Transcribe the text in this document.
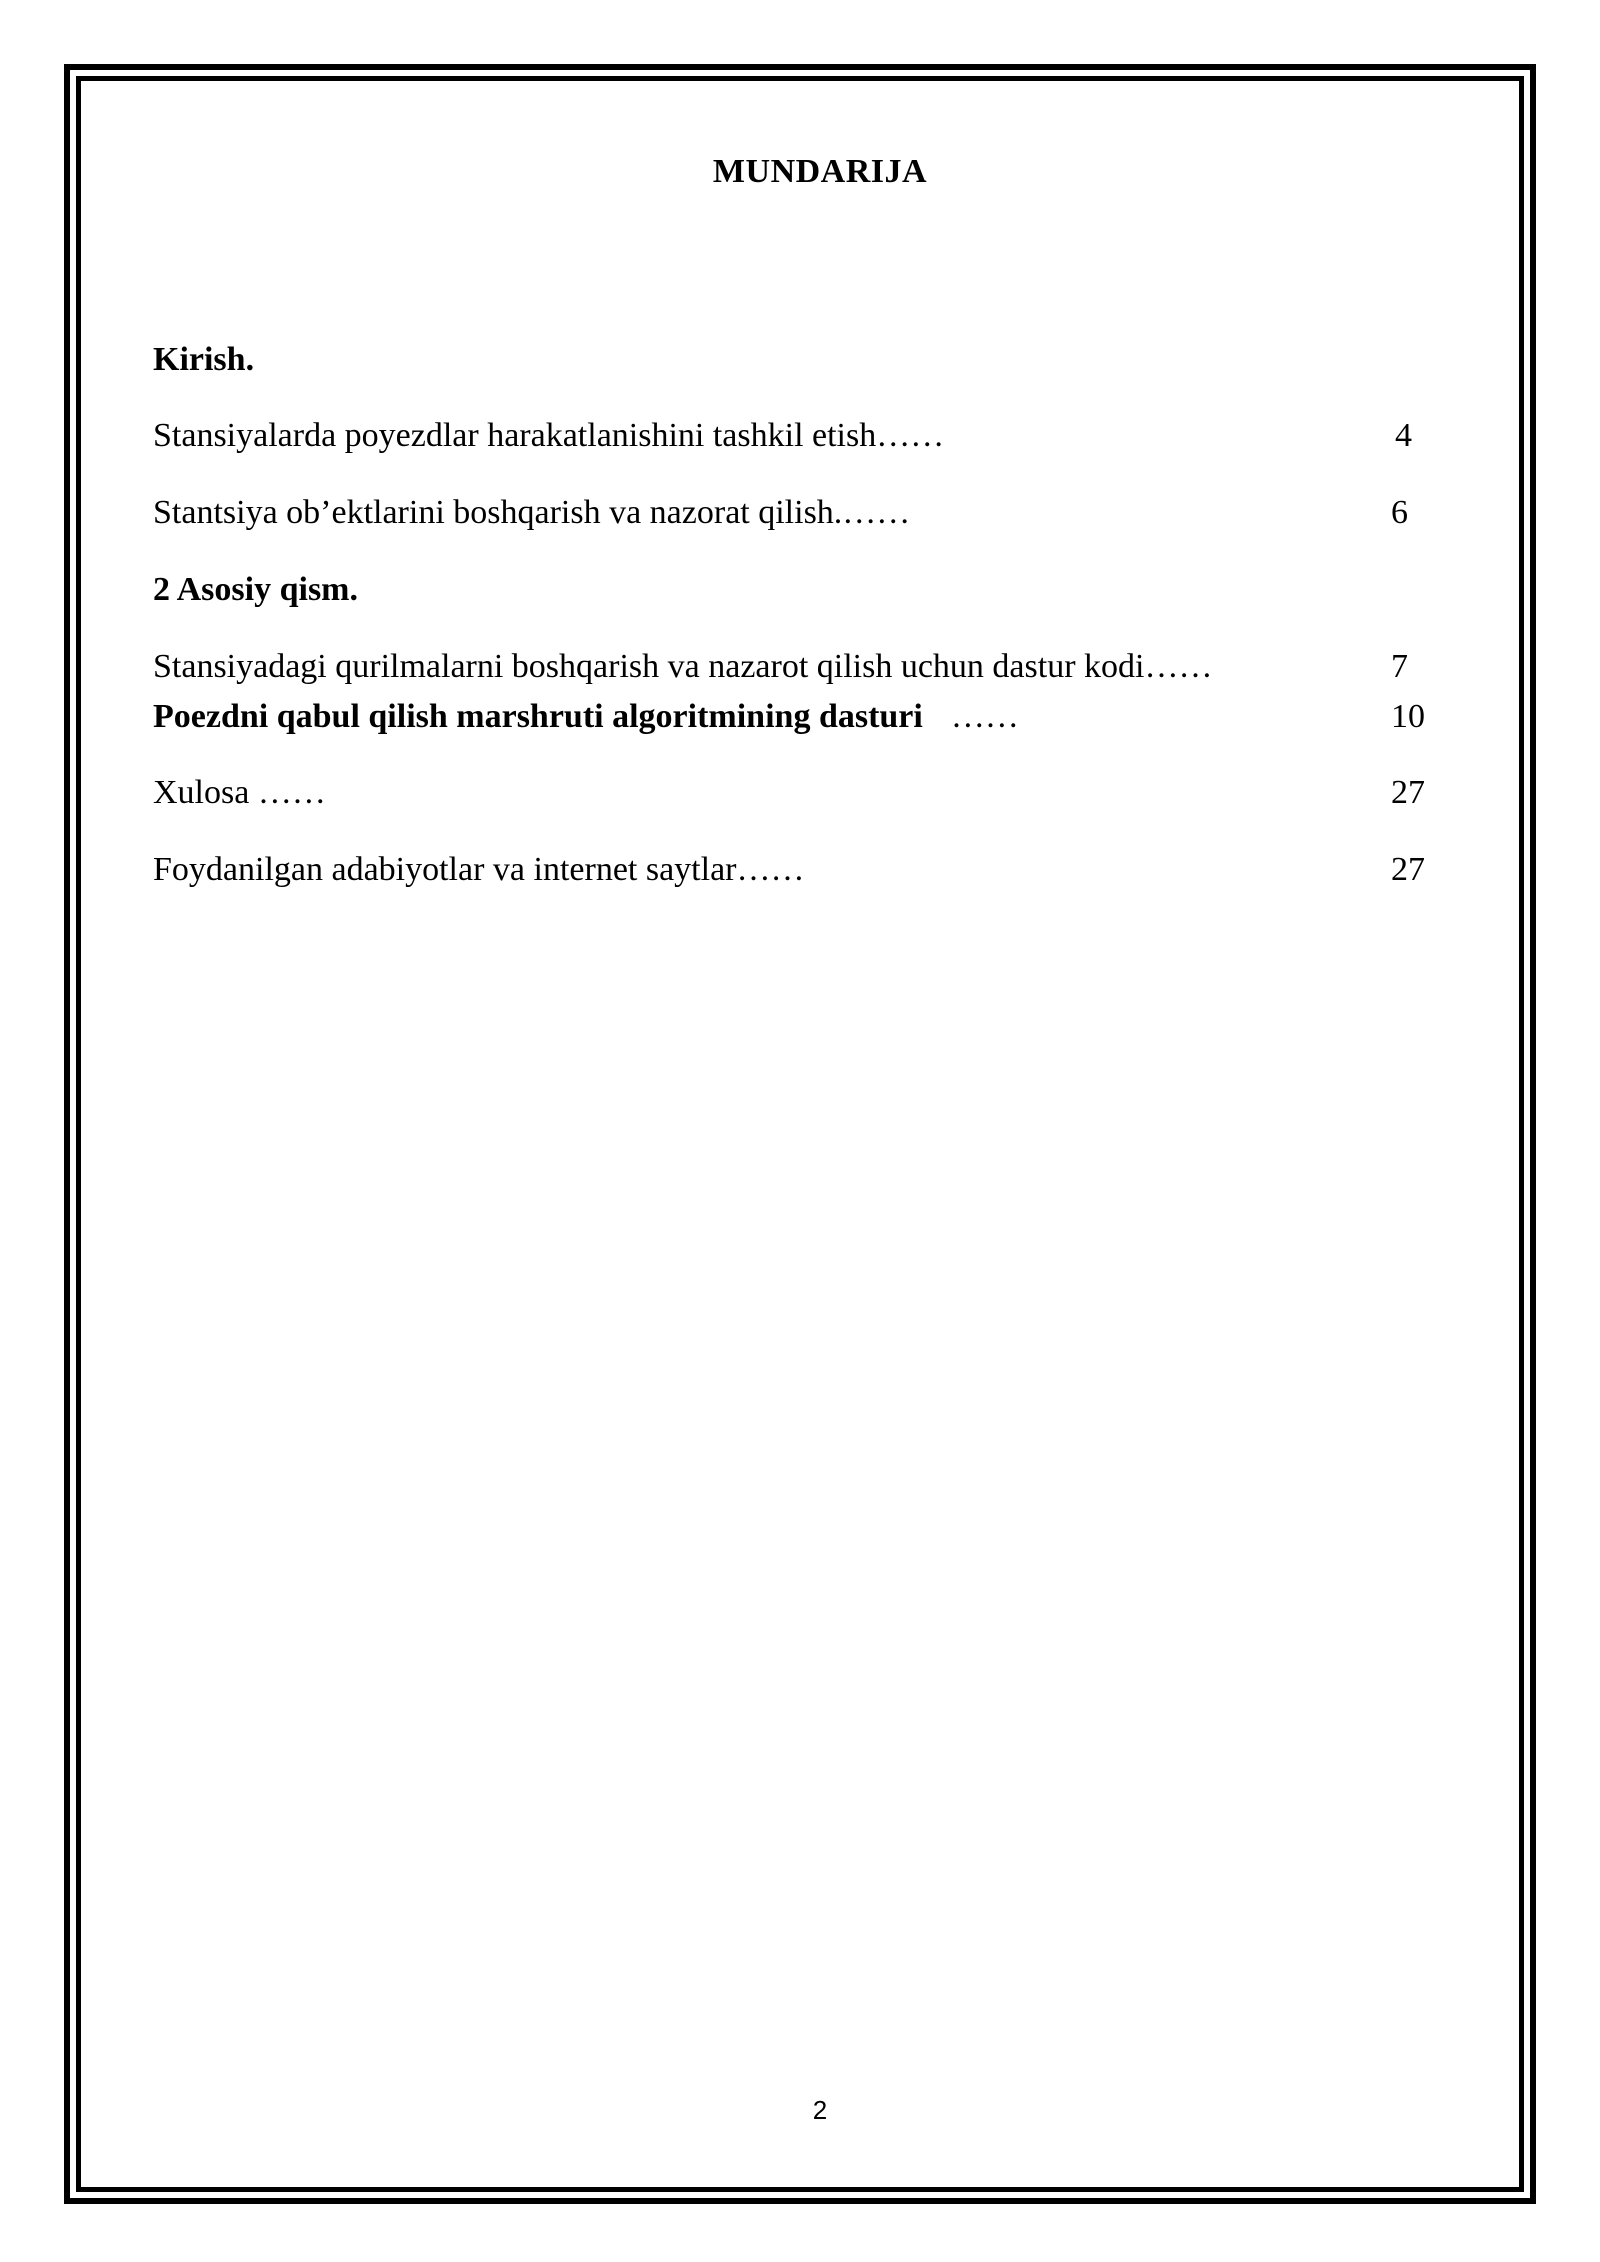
MUNDARIJA
Kirish.
Stansiyalarda poyezdlar harakatlanishini tashkil etish……	4
Stantsiya ob’ektlarini boshqarish va nazorat qilish.……	6
2 Asosiy qism.
Stansiyadagi qurilmalarni boshqarish va nazarot qilish uchun dastur kodi……	7
Poezdni qabul qilish marshruti algoritmining dasturi ……	10
Xulosa ……	27
Foydanilgan adabiyotlar va internet saytlar……	27
2
